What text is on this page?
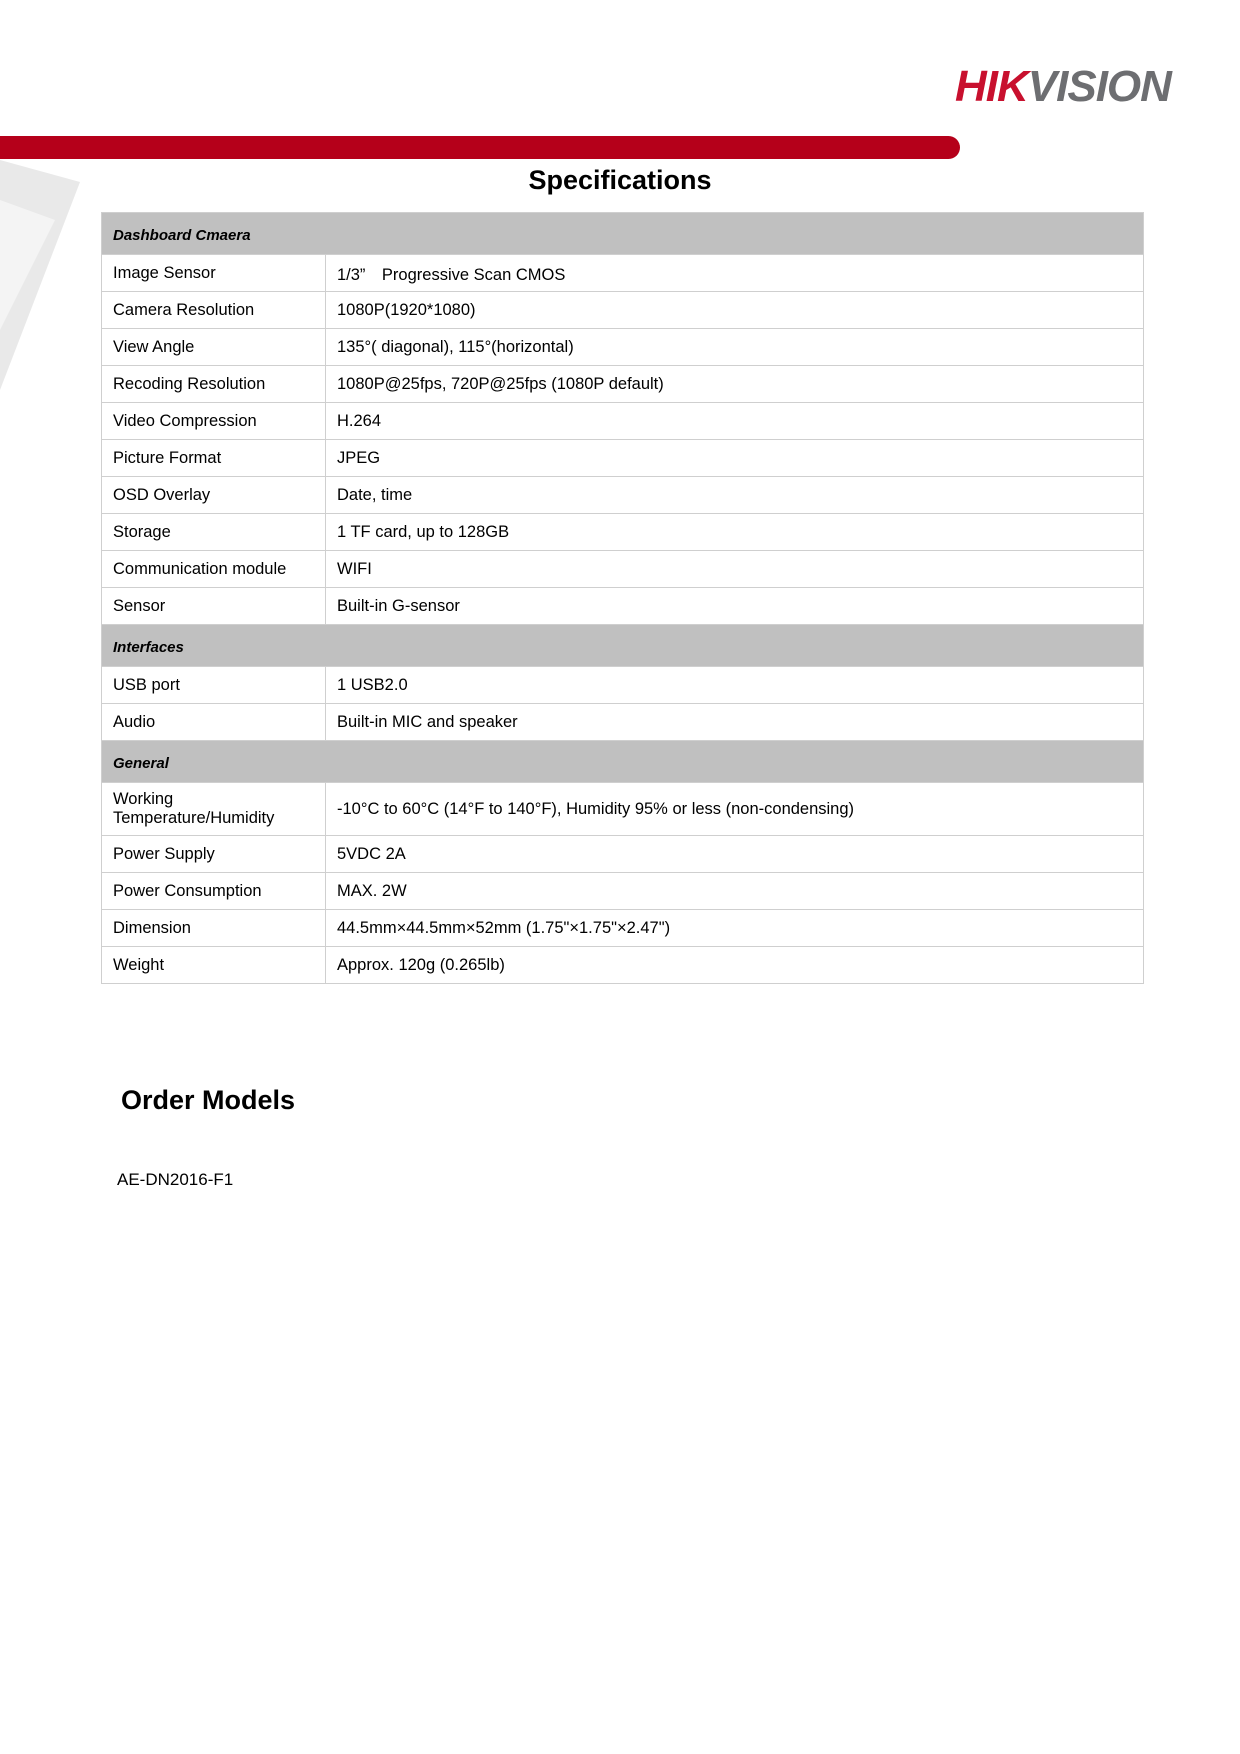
HIKVISION
Specifications
Dashboard Cmaera	
Image Sensor	1/3”　Progressive Scan CMOS
Camera Resolution	1080P(1920*1080)
View Angle	135°( diagonal), 115°(horizontal)
Recoding Resolution	1080P@25fps, 720P@25fps (1080P default)
Video Compression	H.264
Picture Format	JPEG
OSD Overlay	Date, time
Storage	1 TF card, up to 128GB
Communication module	WIFI
Sensor	Built-in G-sensor
Interfaces	
USB port	1 USB2.0
Audio	Built-in MIC and speaker
General	
Working Temperature/Humidity	-10°C to 60°C (14°F to 140°F), Humidity 95% or less (non-condensing)
Power Supply	5VDC 2A
Power Consumption	MAX. 2W
Dimension	44.5mm×44.5mm×52mm (1.75"×1.75"×2.47")
Weight	Approx. 120g (0.265lb)
Order Models
AE-DN2016-F1
